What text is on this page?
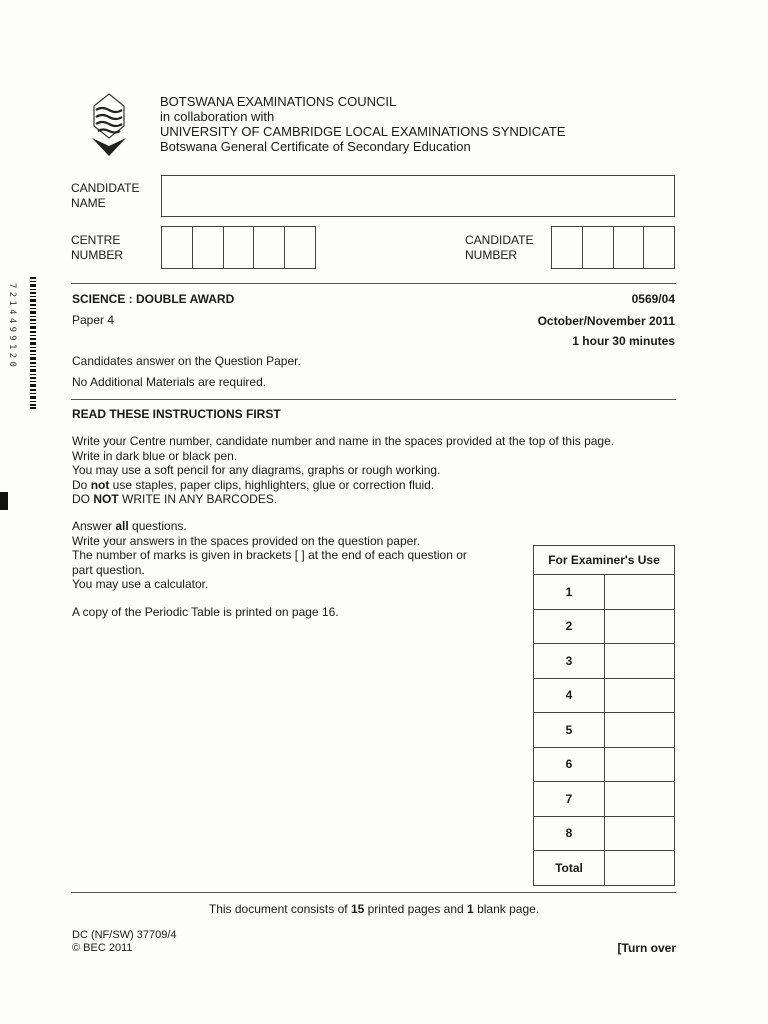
BOTSWANA EXAMINATIONS COUNCIL
in collaboration with
UNIVERSITY OF CAMBRIDGE LOCAL EXAMINATIONS SYNDICATE
Botswana General Certificate of Secondary Education
CANDIDATE
NAME
CENTRE
NUMBER
CANDIDATE
NUMBER
7214499120	SCIENCE : DOUBLE AWARD
Paper 4
0569/04
October/November 2011
1 hour 30 minutes
Candidates answer on the Question Paper.
No Additional Materials are required.
READ THESE INSTRUCTIONS FIRST

Write your Centre number, candidate number and name in the spaces provided at the top of this page.

Write in dark blue or black pen.

You may use a soft pencil for any diagrams, graphs or rough working.

Do not use staples, paper clips, highlighters, glue or correction fluid.

DO NOT WRITE IN ANY BARCODES.

Answer all questions.

Write your answers in the spaces provided on the question paper.

The number of marks is given in brackets [ ] at the end of each question or

part question.

You may use a calculator.

A copy of the Periodic Table is printed on page 16.
For Examiner's Use	
1	
2	
3	
4	
5	
6	
7	
8	
Total	
This document consists of 15 printed pages and 1 blank page.
DC (NF/SW) 37709/4
© BEC 2011	[Turn over
